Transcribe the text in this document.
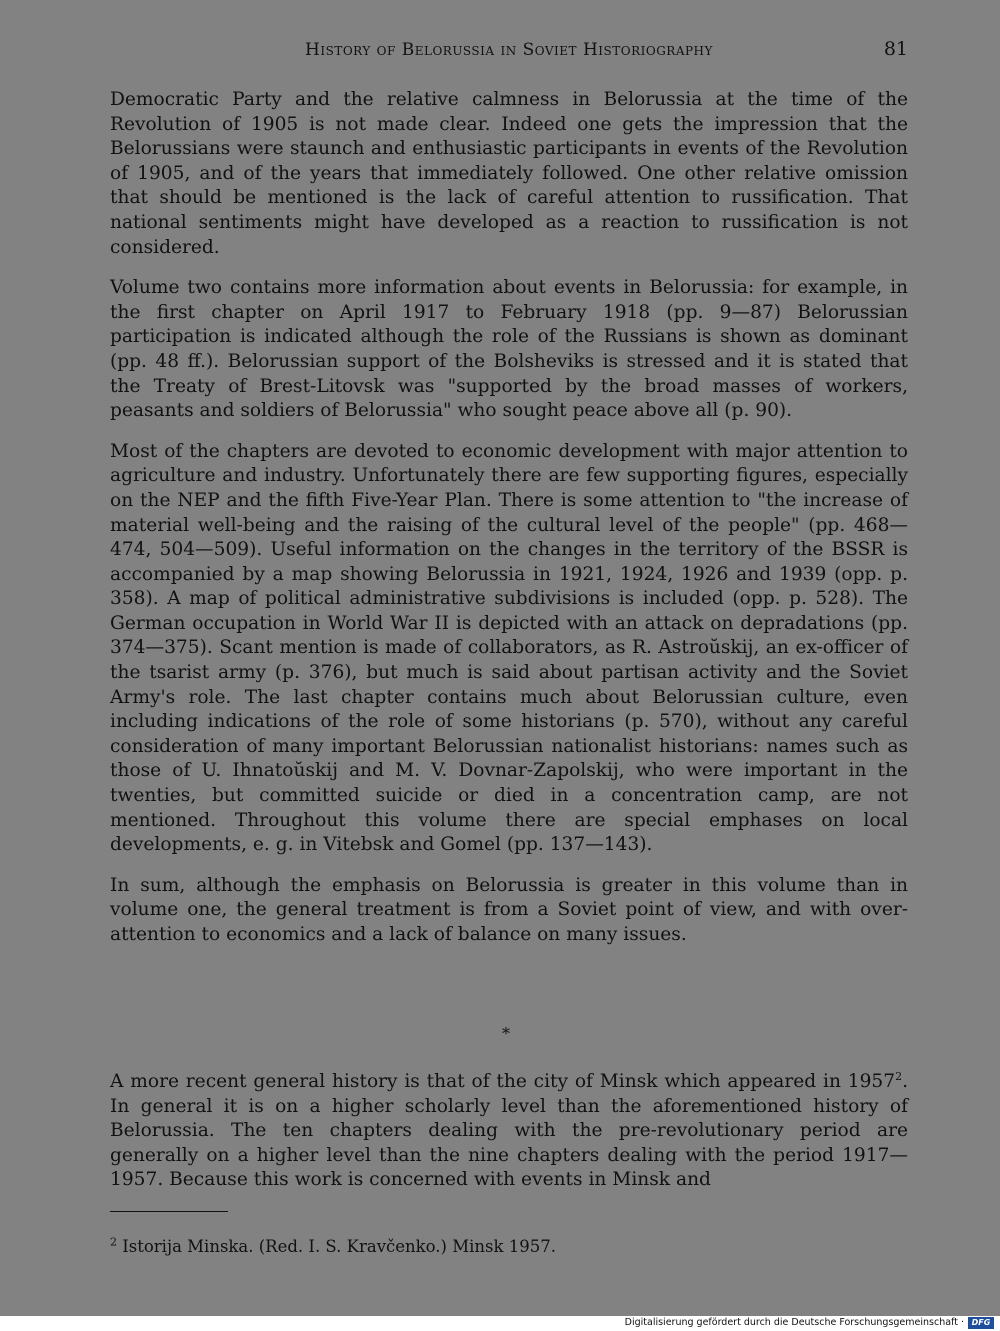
History of Belorussia in Soviet Historiography	81

Democratic Party and the relative calmness in Belorussia at the time of the Revolution of 1905 is not made clear. Indeed one gets the impression that the Belorussians were staunch and enthusiastic participants in events of the Revolution of 1905, and of the years that immediately followed. One other relative omission that should be mentioned is the lack of careful attention to russification. That national sentiments might have developed as a reaction to russification is not considered.

Volume two contains more information about events in Belorussia: for example, in the first chapter on April 1917 to February 1918 (pp. 9—87) Belorussian participation is indicated although the role of the Russians is shown as dominant (pp. 48 ff.). Belorussian support of the Bolsheviks is stressed and it is stated that the Treaty of Brest-Litovsk was "supported by the broad masses of workers, peasants and soldiers of Belorussia" who sought peace above all (p. 90).

Most of the chapters are devoted to economic development with major attention to agriculture and industry. Unfortunately there are few supporting figures, especially on the NEP and the fifth Five-Year Plan. There is some attention to "the increase of material well-being and the raising of the cultural level of the people" (pp. 468—474, 504—509). Useful information on the changes in the territory of the BSSR is accompanied by a map showing Belorussia in 1921, 1924, 1926 and 1939 (opp. p. 358). A map of political administrative subdivisions is included (opp. p. 528). The German occupation in World War II is depicted with an attack on depradations (pp. 374—375). Scant mention is made of collaborators, as R. Astroŭskij, an ex-officer of the tsarist army (p. 376), but much is said about partisan activity and the Soviet Army's role. The last chapter contains much about Belorussian culture, even including indications of the role of some historians (p. 570), without any careful consideration of many important Belorussian nationalist historians: names such as those of U. Ihnatoŭskij and M. V. Dovnar-Zapolskij, who were important in the twenties, but committed suicide or died in a concentration camp, are not mentioned. Throughout this volume there are special emphases on local developments, e. g. in Vitebsk and Gomel (pp. 137—143).

In sum, although the emphasis on Belorussia is greater in this volume than in volume one, the general treatment is from a Soviet point of view, and with over-attention to economics and a lack of balance on many issues.

*

A more recent general history is that of the city of Minsk which appeared in 1957$^2$. In general it is on a higher scholarly level than the aforementioned history of Belorussia. The ten chapters dealing with the pre-revolutionary period are generally on a higher level than the nine chapters dealing with the period 1917—1957. Because this work is concerned with events in Minsk and

$^2$ Istorija Minska. (Red. I. S. Kravčenko.) Minsk 1957.
Digitalisierung gefördert durch die Deutsche Forschungsgemeinschaft · DFG
